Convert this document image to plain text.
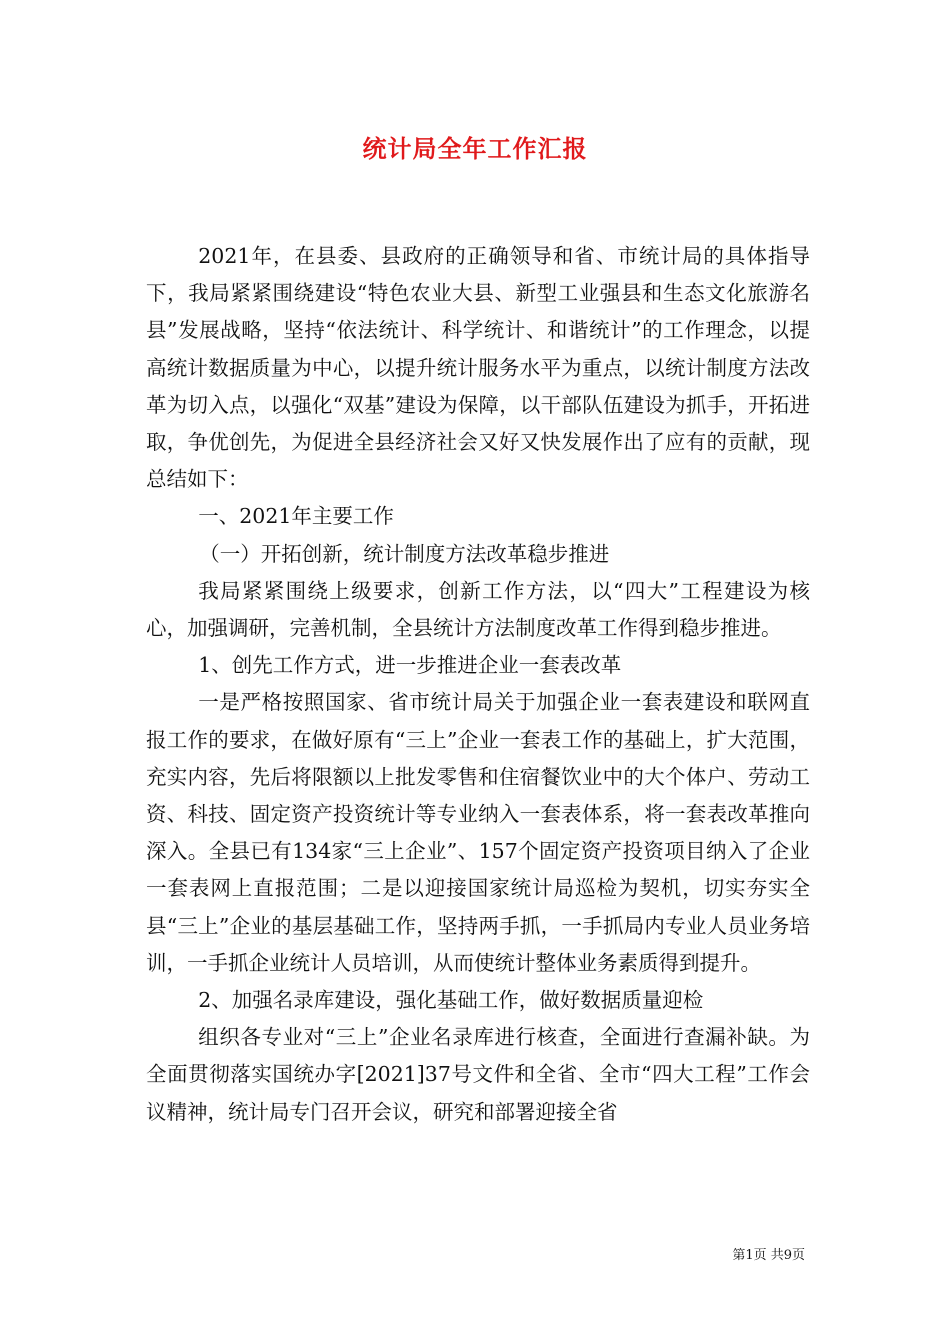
统计局全年工作汇报

2021年，在县委、县政府的正确领导和省、市统计局的具体指导下，我局紧紧围绕建设“特色农业大县、新型工业强县和生态文化旅游名县”发展战略，坚持“依法统计、科学统计、和谐统计”的工作理念，以提高统计数据质量为中心，以提升统计服务水平为重点，以统计制度方法改革为切入点，以强化“双基”建设为保障，以干部队伍建设为抓手，开拓进取，争优创先，为促进全县经济社会又好又快发展作出了应有的贡献，现总结如下：

一、2021年主要工作

（一）开拓创新，统计制度方法改革稳步推进

我局紧紧围绕上级要求，创新工作方法，以“四大”工程建设为核心，加强调研，完善机制，全县统计方法制度改革工作得到稳步推进。

1、创先工作方式，进一步推进企业一套表改革

一是严格按照国家、省市统计局关于加强企业一套表建设和联网直报工作的要求，在做好原有“三上”企业一套表工作的基础上，扩大范围，充实内容，先后将限额以上批发零售和住宿餐饮业中的大个体户、劳动工资、科技、固定资产投资统计等专业纳入一套表体系，将一套表改革推向深入。全县已有134家“三上企业”、157个固定资产投资项目纳入了企业一套表网上直报范围；二是以迎接国家统计局巡检为契机，切实夯实全县“三上”企业的基层基础工作，坚持两手抓，一手抓局内专业人员业务培训，一手抓企业统计人员培训，从而使统计整体业务素质得到提升。

2、加强名录库建设，强化基础工作，做好数据质量迎检

组织各专业对“三上”企业名录库进行核查，全面进行查漏补缺。为全面贯彻落实国统办字[2021]37号文件和全省、全市“四大工程”工作会议精神，统计局专门召开会议，研究和部署迎接全省

第1页 共9页
